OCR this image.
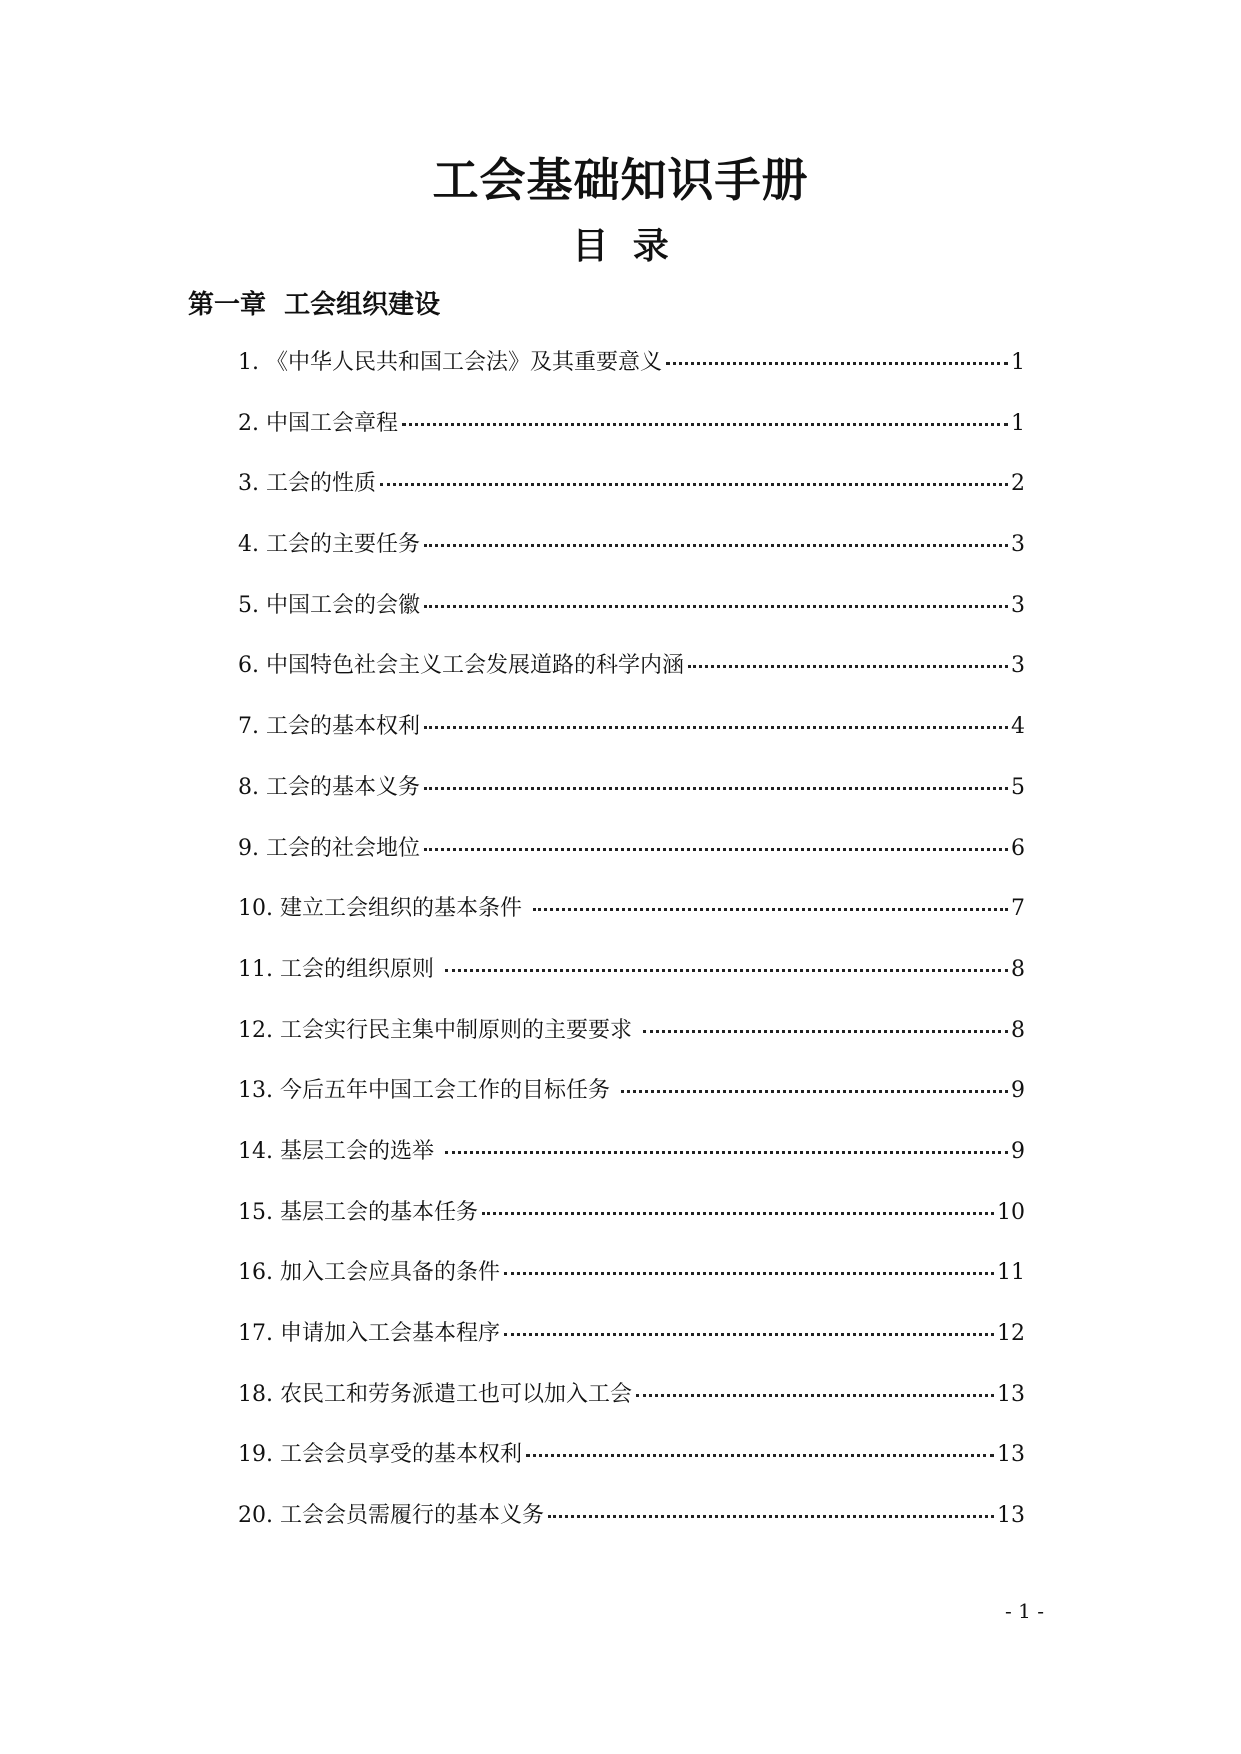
工会基础知识手册
目 录
第一章  工会组织建设
1. 《中华人民共和国工会法》及其重要意义	1
2. 中国工会章程	1
3. 工会的性质	2
4. 工会的主要任务	3
5. 中国工会的会徽	3
6. 中国特色社会主义工会发展道路的科学内涵	3
7. 工会的基本权利	4
8. 工会的基本义务	5
9. 工会的社会地位	6
10. 建立工会组织的基本条件	7
11. 工会的组织原则	8
12. 工会实行民主集中制原则的主要要求	8
13. 今后五年中国工会工作的目标任务	9
14. 基层工会的选举	9
15. 基层工会的基本任务	10
16. 加入工会应具备的条件	11
17. 申请加入工会基本程序	12
18. 农民工和劳务派遣工也可以加入工会	13
19. 工会会员享受的基本权利	13
20. 工会会员需履行的基本义务	13
- 1 -
